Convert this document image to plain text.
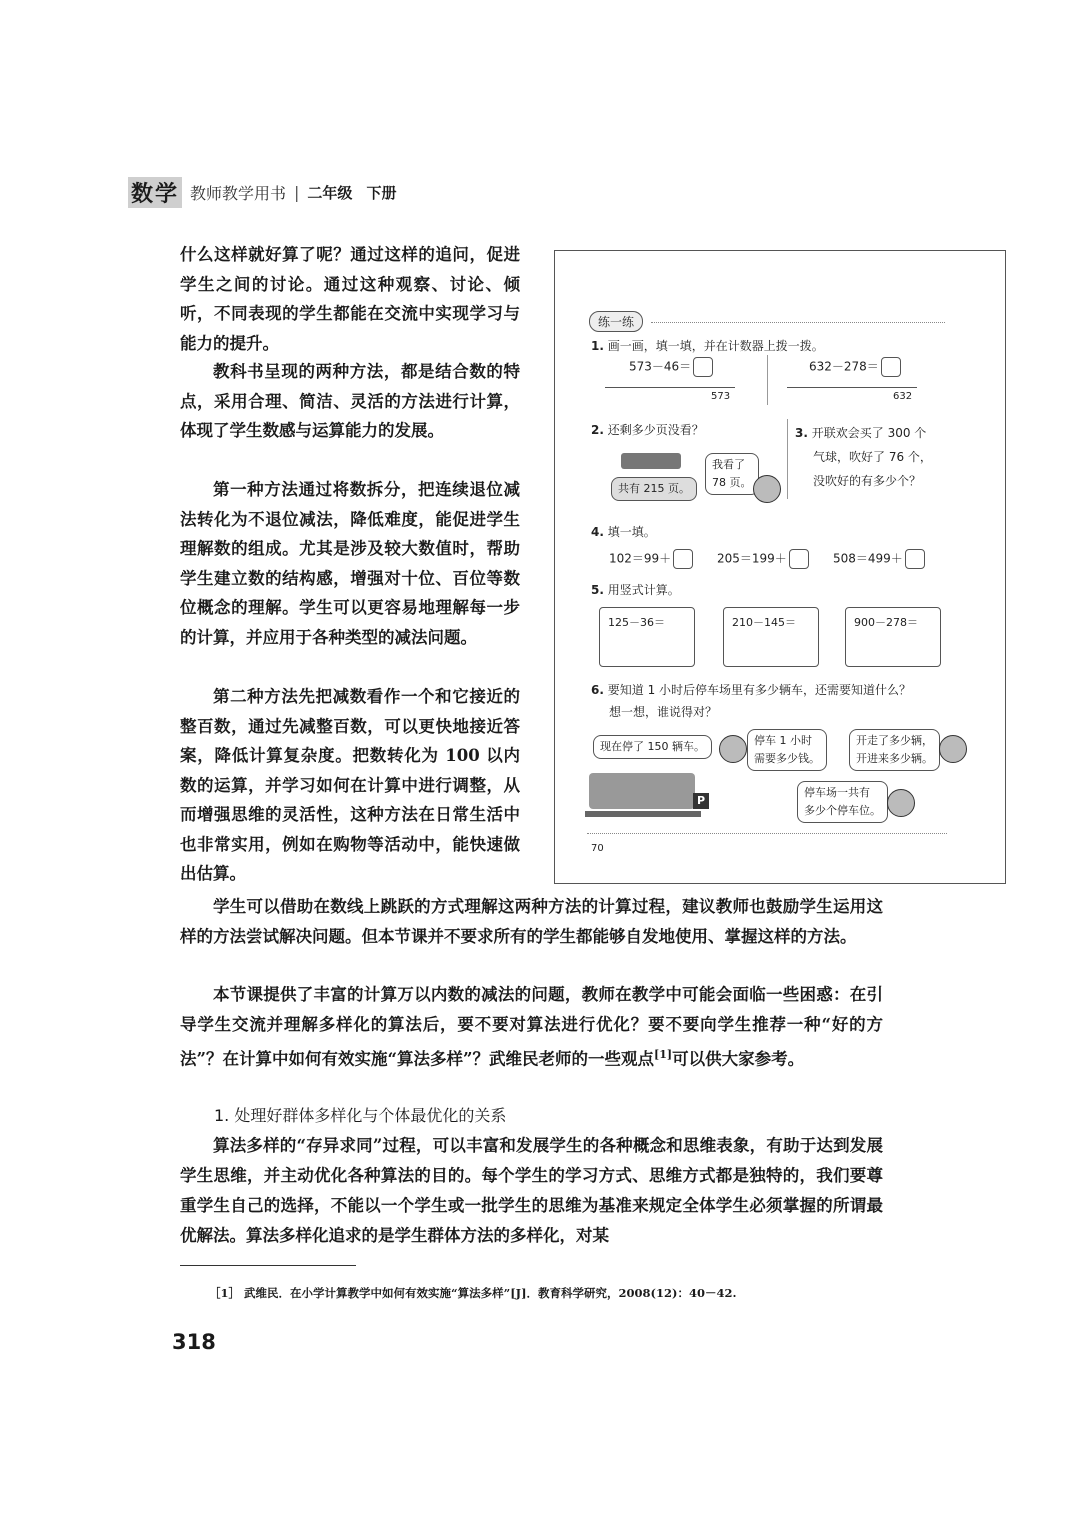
数学 教师教学用书 | 二年级 下册

什么这样就好算了呢？通过这样的追问，促进学生之间的讨论。通过这种观察、讨论、倾听，不同表现的学生都能在交流中实现学习与能力的提升。

教科书呈现的两种方法，都是结合数的特点，采用合理、简洁、灵活的方法进行计算，体现了学生数感与运算能力的发展。

第一种方法通过将数拆分，把连续退位减法转化为不退位减法，降低难度，能促进学生理解数的组成。尤其是涉及较大数值时，帮助学生建立数的结构感，增强对十位、百位等数位概念的理解。学生可以更容易地理解每一步的计算，并应用于各种类型的减法问题。

第二种方法先把减数看作一个和它接近的整百数，通过先减整百数，可以更快地接近答案，降低计算复杂度。把数转化为 100 以内数的运算，并学习如何在计算中进行调整，从而增强思维的灵活性，这种方法在日常生活中也非常实用，例如在购物等活动中，能快速做出估算。

练一练
1. 画一画，填一填，并在计数器上拨一拨。
573－46＝
573
632－278＝
632
2. 还剩多少页没看？
共有 215 页。
我看了
78 页。
3. 开联欢会买了 300 个
气球，吹好了 76 个，
没吹好的有多少个？
4. 填一填。
102＝99＋	205＝199＋	508＝499＋
5. 用竖式计算。
125－36＝	210－145＝	900－278＝
6. 要知道 1 小时后停车场里有多少辆车，还需要知道什么？
想一想，谁说得对？
现在停了 150 辆车。	停车 1 小时
需要多少钱。
开走了多少辆，
开进来多少辆。
P
停车场一共有
多少个停车位。
70

学生可以借助在数线上跳跃的方式理解这两种方法的计算过程，建议教师也鼓励学生运用这样的方法尝试解决问题。但本节课并不要求所有的学生都能够自发地使用、掌握这样的方法。

本节课提供了丰富的计算万以内数的减法的问题，教师在教学中可能会面临一些困惑：在引导学生交流并理解多样化的算法后，要不要对算法进行优化？要不要向学生推荐一种“好的方法”？在计算中如何有效实施“算法多样”？武维民老师的一些观点[1]可以供大家参考。

1. 处理好群体多样化与个体最优化的关系

算法多样的“存异求同”过程，可以丰富和发展学生的各种概念和思维表象，有助于达到发展学生思维，并主动优化各种算法的目的。每个学生的学习方式、思维方式都是独特的，我们要尊重学生自己的选择，不能以一个学生或一批学生的思维为基准来规定全体学生必须掌握的所谓最优解法。算法多样化追求的是学生群体方法的多样化，对某

［1］ 武维民．在小学计算教学中如何有效实施“算法多样”[J]．教育科学研究，2008(12)：40－42.

318
